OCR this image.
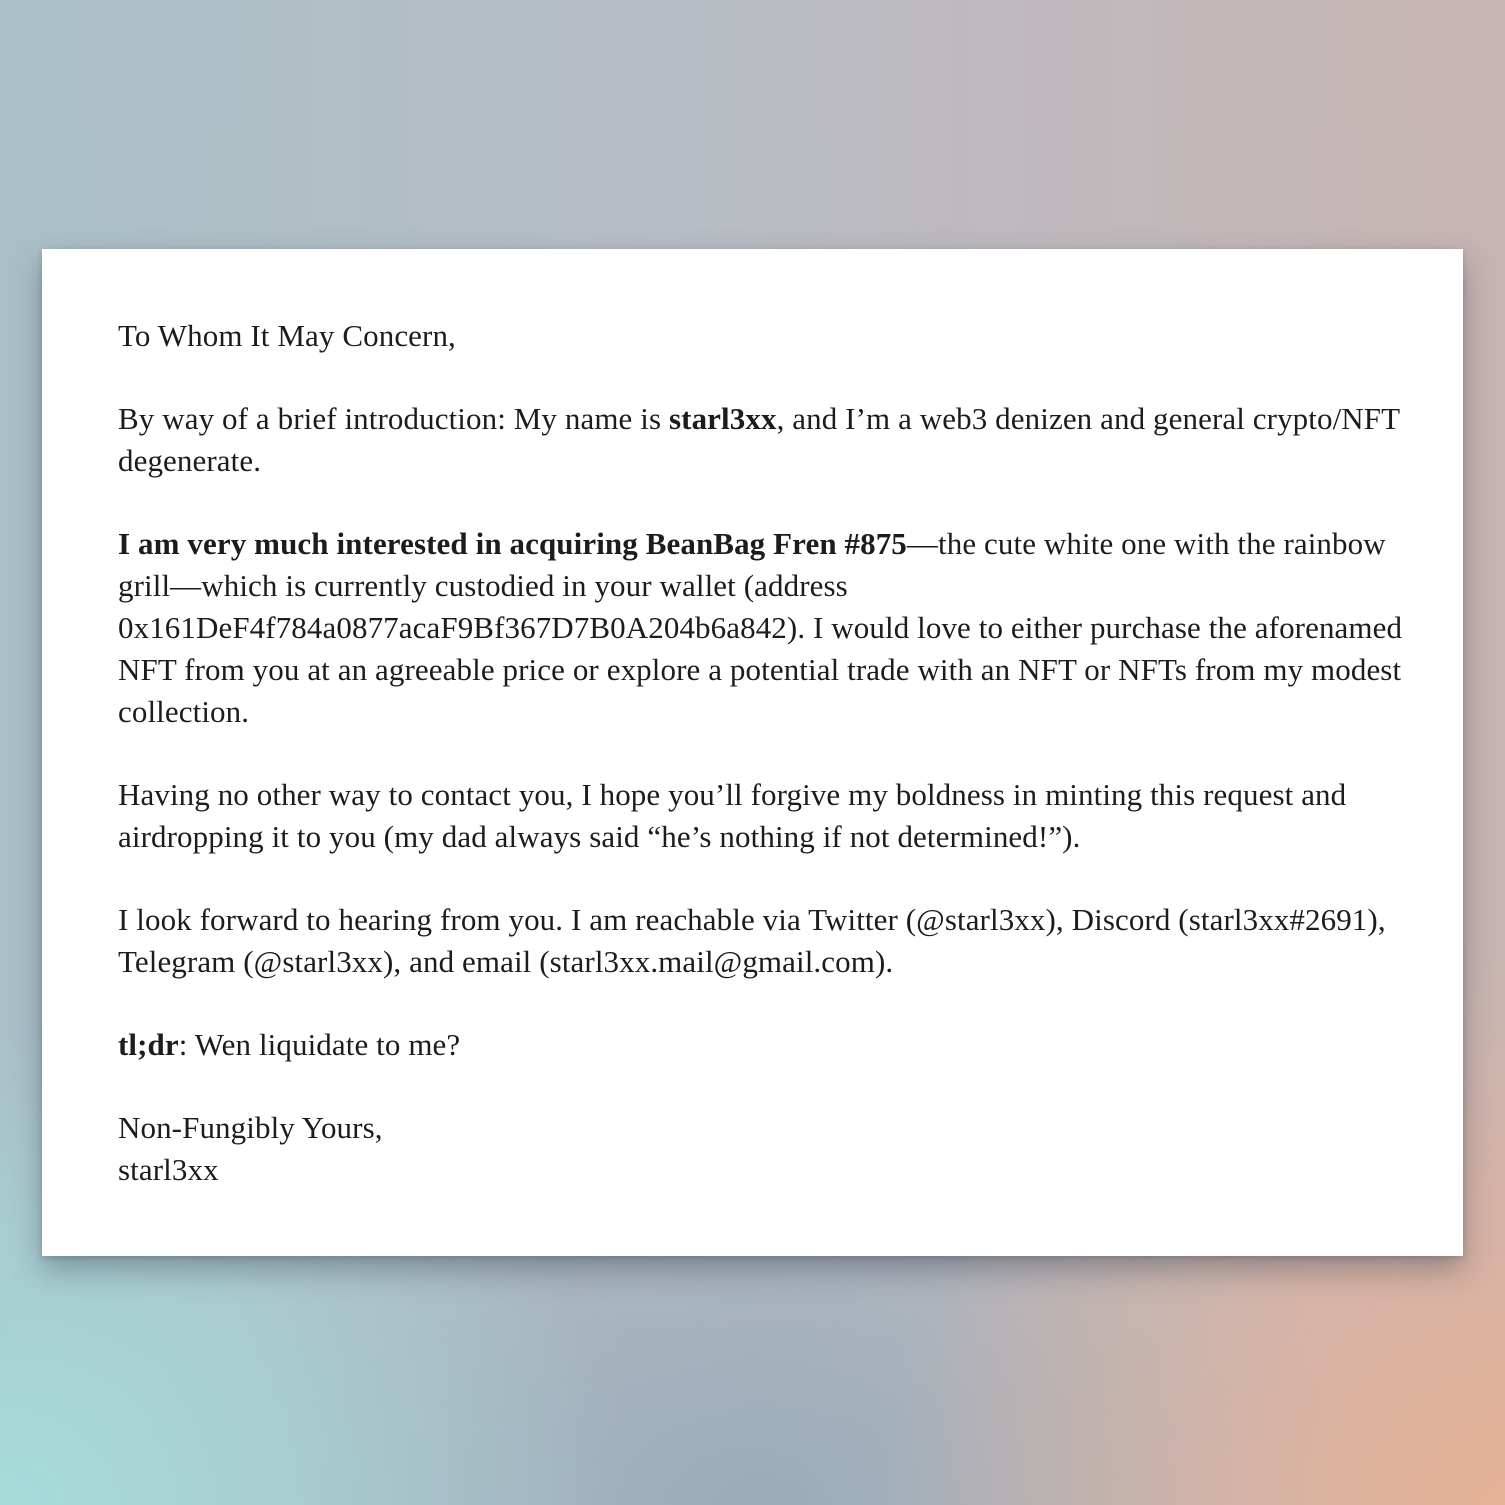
To Whom It May Concern,

By way of a brief introduction: My name is starl3xx, and I’m a web3 denizen and general crypto/NFT degenerate.

I am very much interested in acquiring BeanBag Fren #875—the cute white one with the rainbow grill—which is currently custodied in your wallet (address 0x161DeF4f784a0877acaF9Bf367D7B0A204b6a842). I would love to either purchase the aforenamed NFT from you at an agreeable price or explore a potential trade with an NFT or NFTs from my modest collection.

Having no other way to contact you, I hope you’ll forgive my boldness in minting this request and airdropping it to you (my dad always said “he’s nothing if not determined!”).

I look forward to hearing from you. I am reachable via Twitter (@starl3xx), Discord (starl3xx#2691), Telegram (@starl3xx), and email (starl3xx.mail@gmail.com).

tl;dr: Wen liquidate to me?

Non-Fungibly Yours,
starl3xx
